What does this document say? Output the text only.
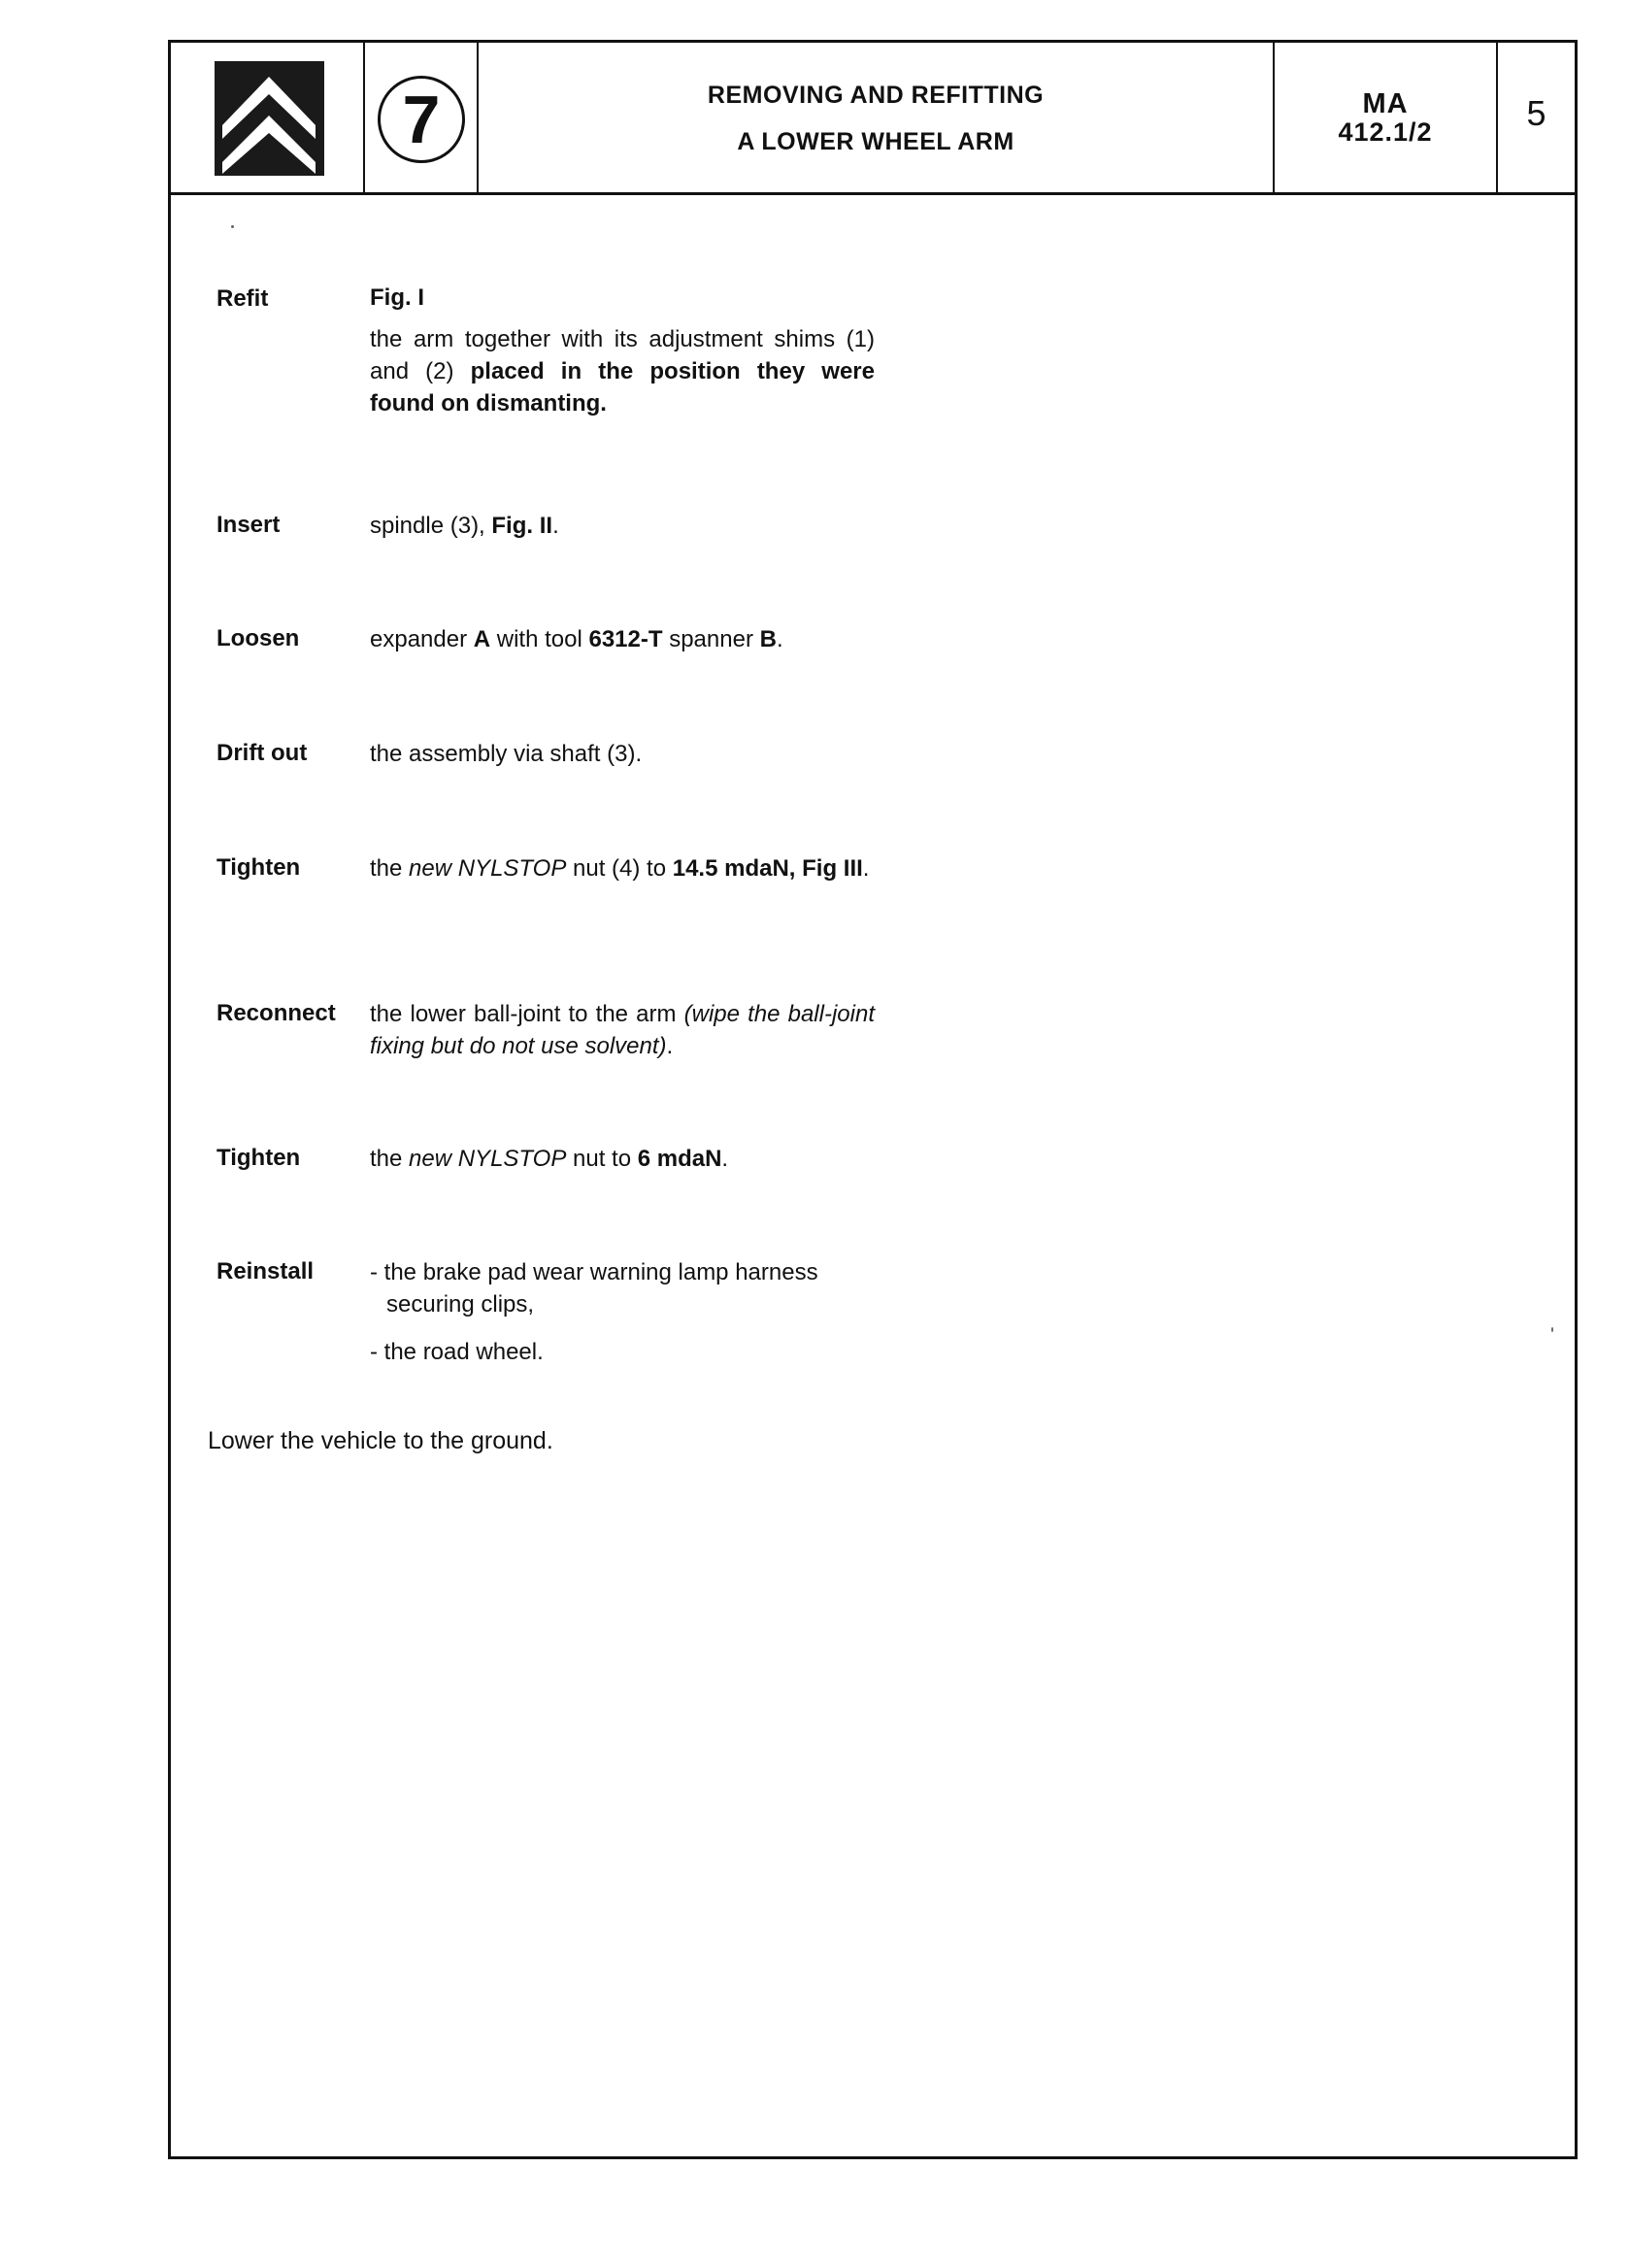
7	REMOVING AND REFITTING
A LOWER WHEEL ARM
MA
412.1/2	5
Refit	Fig. I
the arm together with its adjustment shims (1) and (2) placed in the position they were found on dismanting.
Insert	spindle (3), Fig. II.
Loosen	expander A with tool 6312-T spanner B.
Drift out	the assembly via shaft (3).
Tighten	the new NYLSTOP nut (4) to 14.5 mdaN, Fig III.
Reconnect the lower ball-joint to the arm (wipe the ball-joint fixing but do not use solvent).
Tighten	the new NYLSTOP nut to 6 mdaN.
Reinstall - the brake pad wear warning lamp harness securing clips,
- the road wheel.
Lower the vehicle to the ground.
